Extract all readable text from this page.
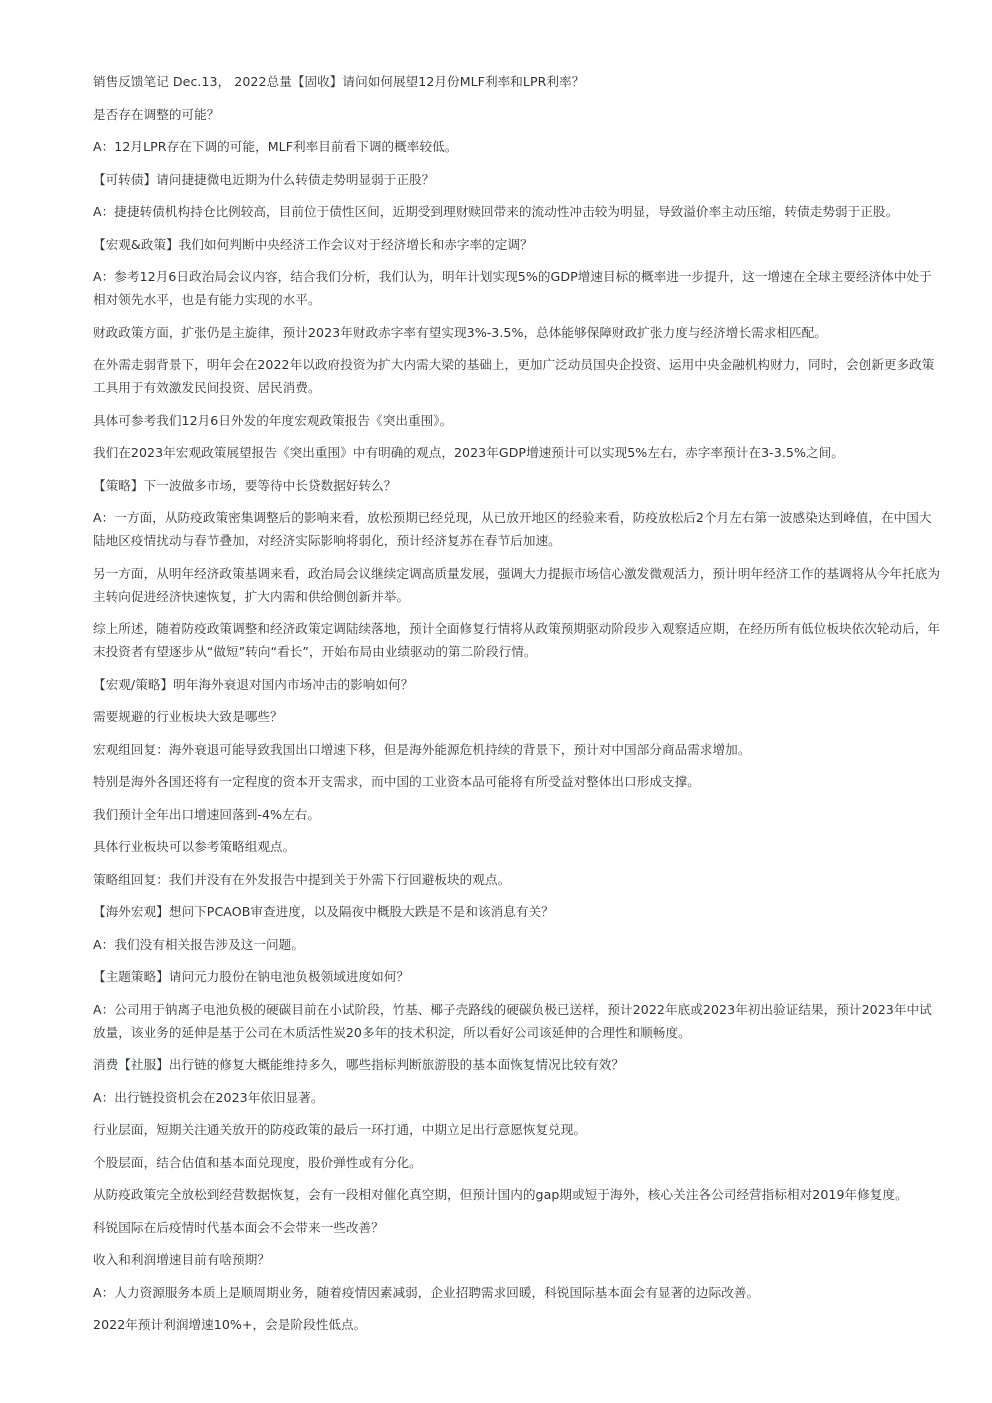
销售反馈笔记 Dec.13， 2022总量【固收】请问如何展望12月份MLF利率和LPR利率？

是否存在调整的可能？

A：12月LPR存在下调的可能，MLF利率目前看下调的概率较低。

【可转债】请问捷捷微电近期为什么转债走势明显弱于正股？

A：捷捷转债机构持仓比例较高，目前位于债性区间，近期受到理财赎回带来的流动性冲击较为明显，导致溢价率主动压缩，转债走势弱于正股。

【宏观&政策】我们如何判断中央经济工作会议对于经济增长和赤字率的定调？

A：参考12月6日政治局会议内容，结合我们分析，我们认为，明年计划实现5%的GDP增速目标的概率进一步提升，这一增速在全球主要经济体中处于相对领先水平，也是有能力实现的水平。

财政政策方面，扩张仍是主旋律，预计2023年财政赤字率有望实现3%-3.5%，总体能够保障财政扩张力度与经济增长需求相匹配。

在外需走弱背景下，明年会在2022年以政府投资为扩大内需大梁的基础上，更加广泛动员国央企投资、运用中央金融机构财力，同时，会创新更多政策工具用于有效激发民间投资、居民消费。

具体可参考我们12月6日外发的年度宏观政策报告《突出重围》。

我们在2023年宏观政策展望报告《突出重围》中有明确的观点，2023年GDP增速预计可以实现5%左右，赤字率预计在3-3.5%之间。

【策略】下一波做多市场，要等待中长贷数据好转么？

A：一方面，从防疫政策密集调整后的影响来看，放松预期已经兑现，从已放开地区的经验来看，防疫放松后2个月左右第一波感染达到峰值，在中国大陆地区疫情扰动与春节叠加，对经济实际影响将弱化，预计经济复苏在春节后加速。

另一方面，从明年经济政策基调来看，政治局会议继续定调高质量发展，强调大力提振市场信心激发微观活力，预计明年经济工作的基调将从今年托底为主转向促进经济快速恢复，扩大内需和供给侧创新并举。

综上所述，随着防疫政策调整和经济政策定调陆续落地，预计全面修复行情将从政策预期驱动阶段步入观察适应期，在经历所有低位板块依次轮动后，年末投资者有望逐步从“做短”转向“看长”，开始布局由业绩驱动的第二阶段行情。

【宏观/策略】明年海外衰退对国内市场冲击的影响如何？

需要规避的行业板块大致是哪些？

宏观组回复：海外衰退可能导致我国出口增速下移，但是海外能源危机持续的背景下，预计对中国部分商品需求增加。

特别是海外各国还将有一定程度的资本开支需求，而中国的工业资本品可能将有所受益对整体出口形成支撑。

我们预计全年出口增速回落到-4%左右。

具体行业板块可以参考策略组观点。

策略组回复：我们并没有在外发报告中提到关于外需下行回避板块的观点。

【海外宏观】想问下PCAOB审查进度，以及隔夜中概股大跌是不是和该消息有关？

A：我们没有相关报告涉及这一问题。

【主题策略】请问元力股份在钠电池负极领域进度如何？

A：公司用于钠离子电池负极的硬碳目前在小试阶段，竹基、椰子壳路线的硬碳负极已送样，预计2022年底或2023年初出验证结果，预计2023年中试放量，该业务的延伸是基于公司在木质活性炭20多年的技术积淀，所以看好公司该延伸的合理性和顺畅度。

消费【社服】出行链的修复大概能维持多久，哪些指标判断旅游股的基本面恢复情况比较有效？

A：出行链投资机会在2023年依旧显著。

行业层面，短期关注通关放开的防疫政策的最后一环打通，中期立足出行意愿恢复兑现。

个股层面，结合估值和基本面兑现度，股价弹性或有分化。

从防疫政策完全放松到经营数据恢复，会有一段相对催化真空期，但预计国内的gap期或短于海外，核心关注各公司经营指标相对2019年修复度。

科锐国际在后疫情时代基本面会不会带来一些改善？

收入和利润增速目前有啥预期？

A：人力资源服务本质上是顺周期业务，随着疫情因素减弱，企业招聘需求回暖，科锐国际基本面会有显著的边际改善。

2022年预计利润增速10%+，会是阶段性低点。
